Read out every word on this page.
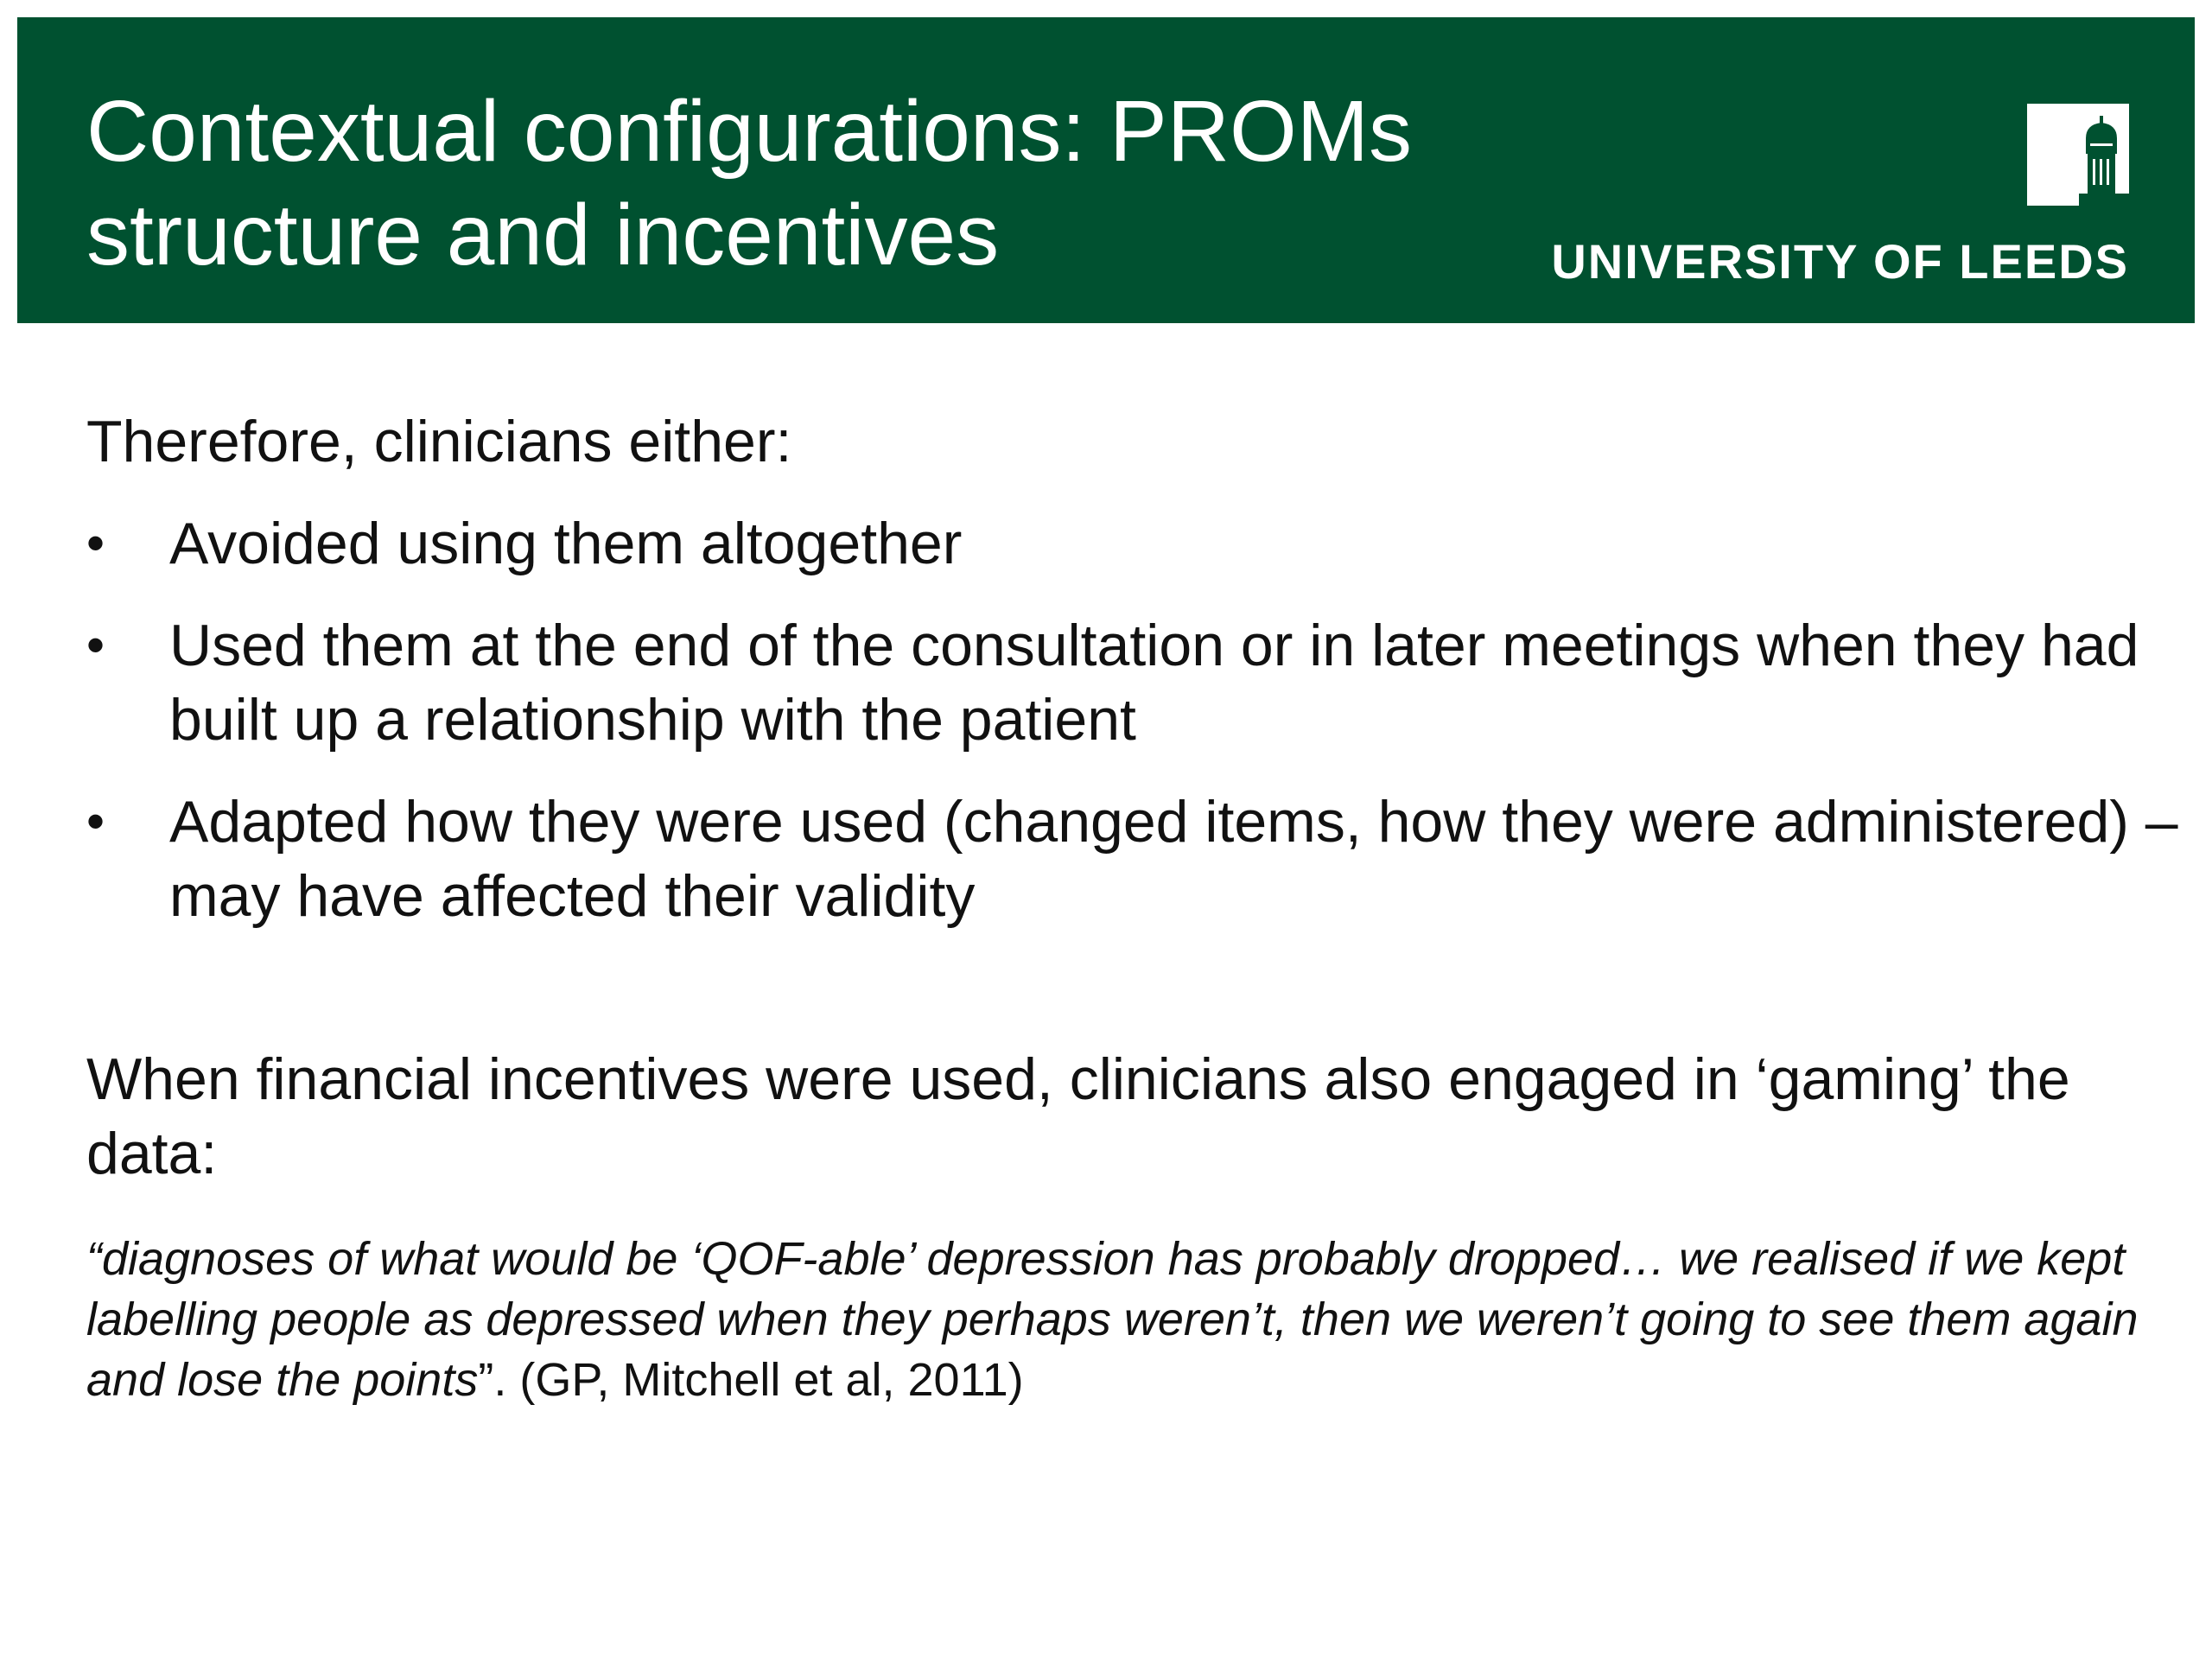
Contextual configurations: PROMs
structure and incentives	UNIVERSITY OF LEEDS

Therefore, clinicians either:

• Avoided using them altogether
• Used them at the end of the consultation or in later meetings when they had built up a relationship with the patient
• Adapted how they were used (changed items, how they were administered) – may have affected their validity

When financial incentives were used, clinicians also engaged in ‘gaming’ the data:

“diagnoses of what would be ‘QOF-able’ depression has probably dropped… we realised if we kept labelling people as depressed when they perhaps weren’t, then we weren’t going to see them again and lose the points”. (GP, Mitchell et al, 2011)
